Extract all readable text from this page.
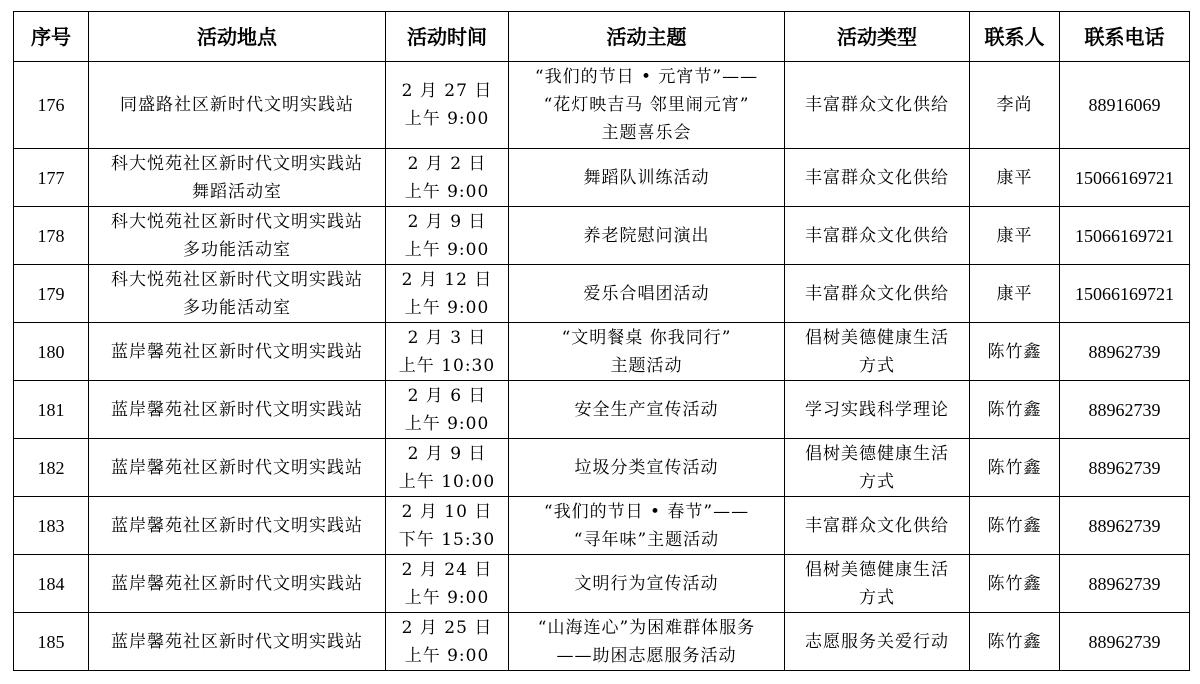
序号	活动地点	活动时间	活动主题	活动类型	联系人	联系电话
176	同盛路社区新时代文明实践站	2 月 27 日
上午 9:00	“我们的节日 • 元宵节”——
“花灯映吉马 邻里闹元宵”
主题喜乐会	丰富群众文化供给	李尚	88916069
177	科大悦苑社区新时代文明实践站
舞蹈活动室	2 月 2 日
上午 9:00	舞蹈队训练活动	丰富群众文化供给	康平	15066169721
178	科大悦苑社区新时代文明实践站
多功能活动室	2 月 9 日
上午 9:00	养老院慰问演出	丰富群众文化供给	康平	15066169721
179	科大悦苑社区新时代文明实践站
多功能活动室	2 月 12 日
上午 9:00	爱乐合唱团活动	丰富群众文化供给	康平	15066169721
180	蓝岸馨苑社区新时代文明实践站	2 月 3 日
上午 10:30	“文明餐桌 你我同行”
主题活动	倡树美德健康生活
方式	陈竹鑫	88962739
181	蓝岸馨苑社区新时代文明实践站	2 月 6 日
上午 9:00	安全生产宣传活动	学习实践科学理论	陈竹鑫	88962739
182	蓝岸馨苑社区新时代文明实践站	2 月 9 日
上午 10:00	垃圾分类宣传活动	倡树美德健康生活
方式	陈竹鑫	88962739
183	蓝岸馨苑社区新时代文明实践站	2 月 10 日
下午 15:30	“我们的节日 • 春节”——
“寻年味”主题活动	丰富群众文化供给	陈竹鑫	88962739
184	蓝岸馨苑社区新时代文明实践站	2 月 24 日
上午 9:00	文明行为宣传活动	倡树美德健康生活
方式	陈竹鑫	88962739
185	蓝岸馨苑社区新时代文明实践站	2 月 25 日
上午 9:00	“山海连心”为困难群体服务
——助困志愿服务活动	志愿服务关爱行动	陈竹鑫	88962739
